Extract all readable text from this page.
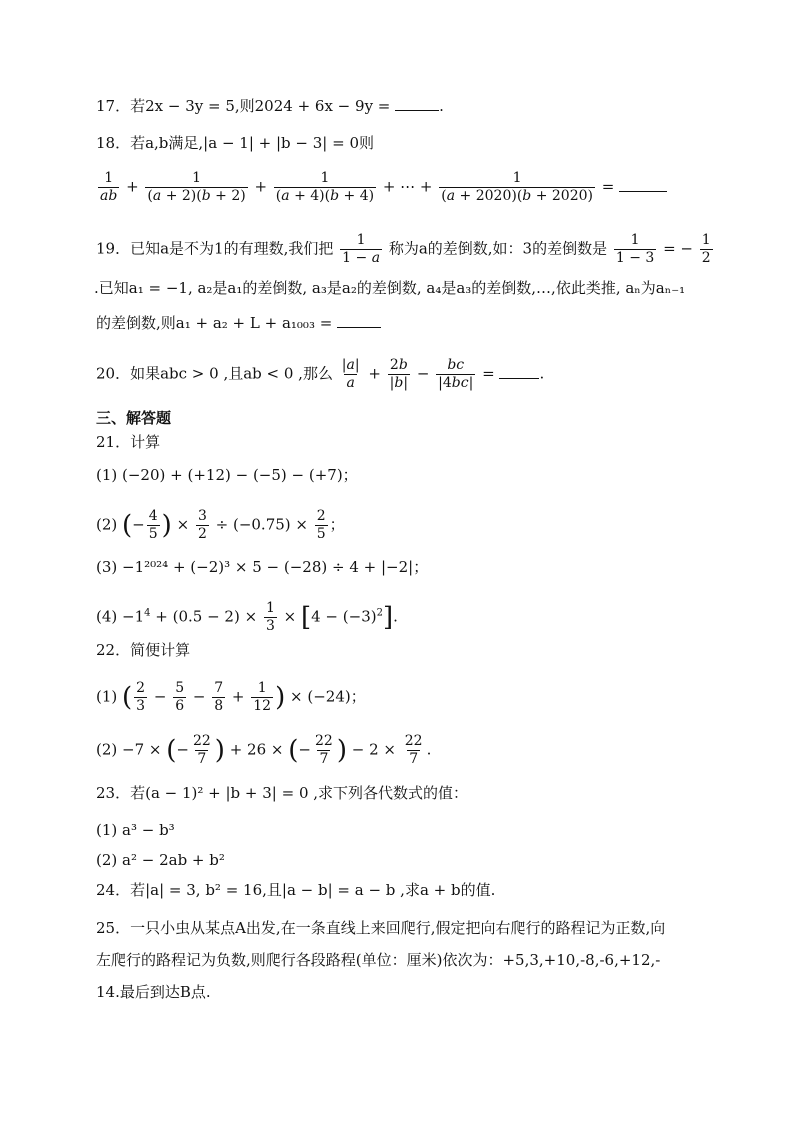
17．若2x − 3y = 5,则2024 + 6x − 9y =	.
18．若a,b满足,|a − 1| + |b − 3| = 0则
$\frac{1}{ab} + \frac{1}{(a + 2)(b + 2)} + \frac{1}{(a + 4)(b + 4)}$ + ⋯ + $\frac{1}{(a + 2020)(b + 2020)}$ =
19．已知a是不为1的有理数,我们把 $\frac{1}{1 - a}$ 称为a的差倒数,如：3的差倒数是 $\frac{1}{1 - 3}$ = − $\frac{1}{2}$
.已知a₁ = −1, a₂是a₁的差倒数, a₃是a₂的差倒数, a₄是a₃的差倒数,…,依此类推, aₙ为aₙ₋₁
的差倒数,则a₁ + a₂ + L + a₁₀₀₃ =
20．如果abc > 0 ,且ab < 0 ,那么 $\frac{|a|}{a} + \frac{2b}{|b|} - \frac{bc}{|4bc|}$ =	.
三、解答题
21．计算
(1) (−20) + (+12) − (−5) − (+7)；
(2) (− $\frac{4}{5}$ ) × $\frac{3}{2} \div (-0.75) \times \frac{2}{5}$ ；
(3) −1²⁰²⁴ + (−2)³ × 5 − (−28) ÷ 4 + |−2|；
$(4) -1^4 + (0.5 - 2) \times \frac{1}{3} \times [4 - (-3)^2]$.
22．简便计算
(1) ( $\frac{2}{3} - \frac{5}{6} - \frac{7}{8} + \frac{1}{12}$ ) × (−24)；
(2) −7 × (− $\frac{22}{7}$ ) + 26 × (− $\frac{22}{7}$ ) − $2 \times \frac{22}{7}$ .
23．若(a − 1)² + |b + 3| = 0 ,求下列各代数式的值：
(1) a³ − b³
(2) a² − 2ab + b²
24．若|a| = 3, b² = 16,且|a − b| = a − b ,求a + b的值.
25．一只小虫从某点A出发,在一条直线上来回爬行,假定把向右爬行的路程记为正数,向
左爬行的路程记为负数,则爬行各段路程(单位：厘米)依次为：+5,3,+10,-8,-6,+12,-
14.最后到达B点.
